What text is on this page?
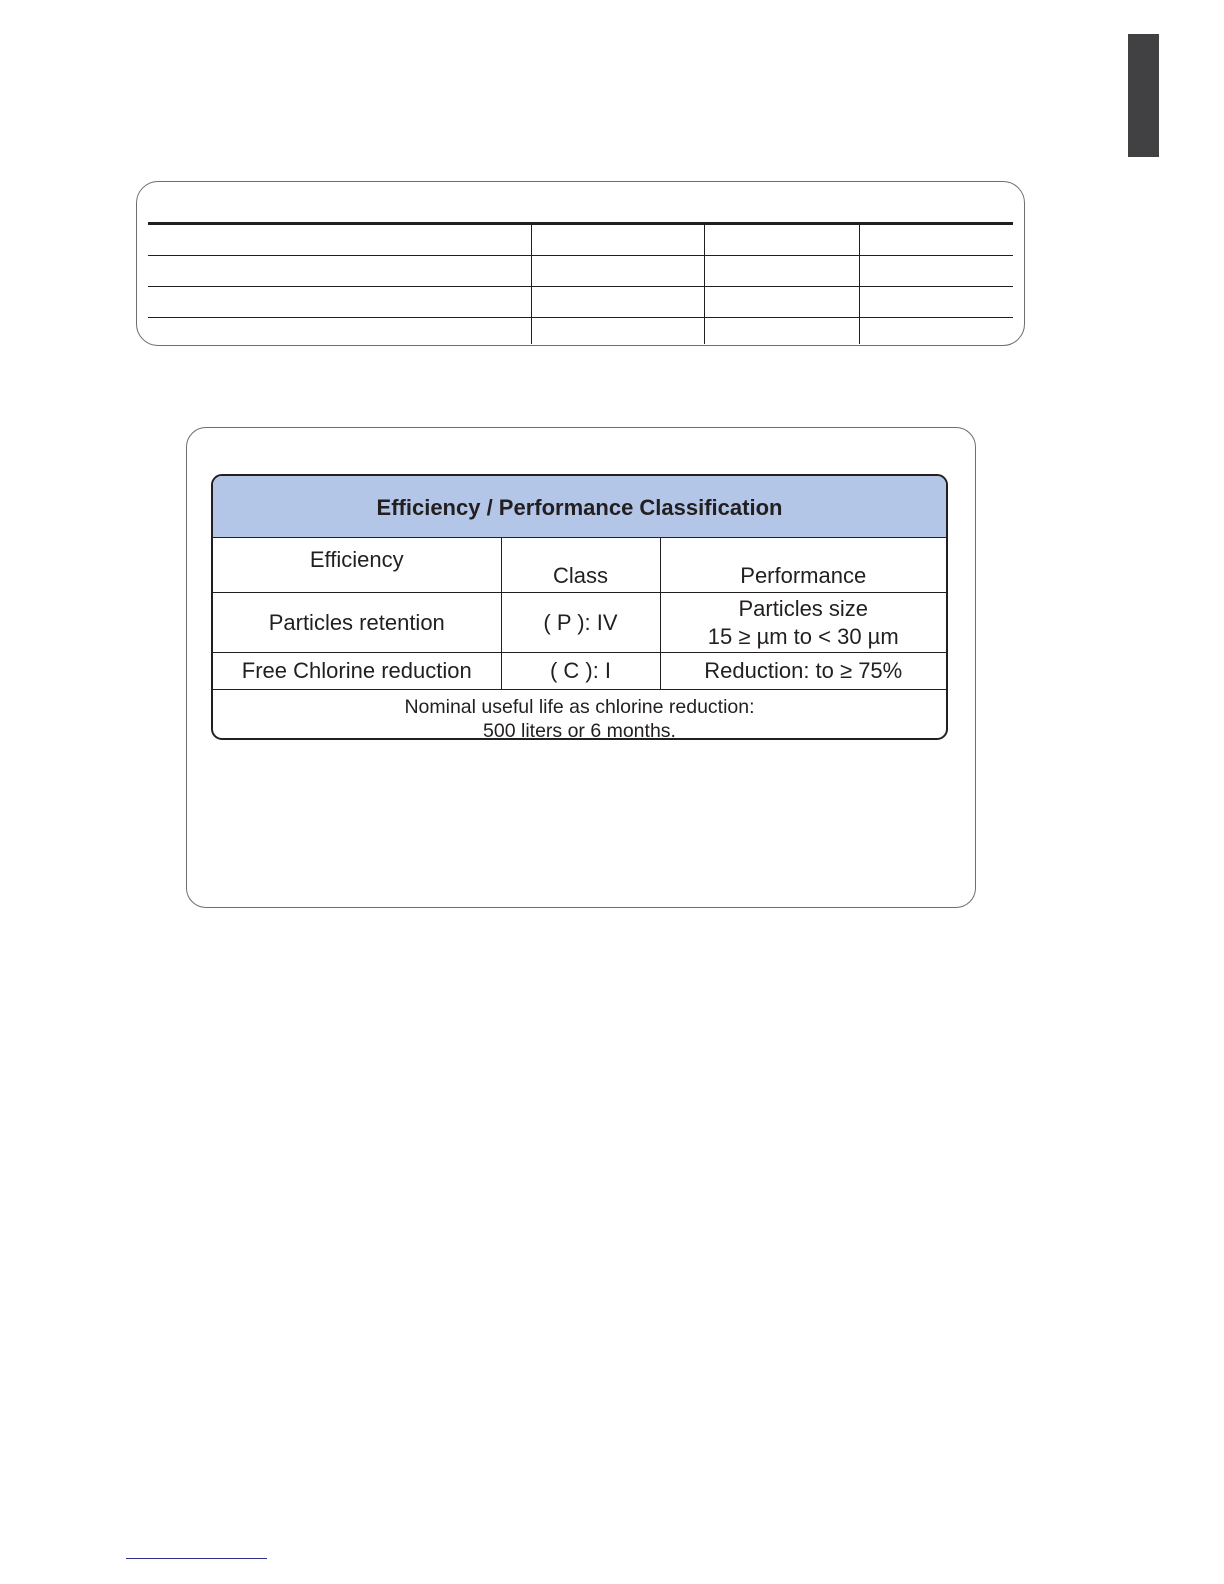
Efficiency / Performance Classification
Efficiency	Class	Performance
Particles retention	( P ): IV	Particles size
15 ≥ µm to < 30 µm

Free Chlorine reduction	( C ): I	Reduction: to ≥ 75%

Nominal useful life as chlorine reduction:
500 liters or 6 months.		
